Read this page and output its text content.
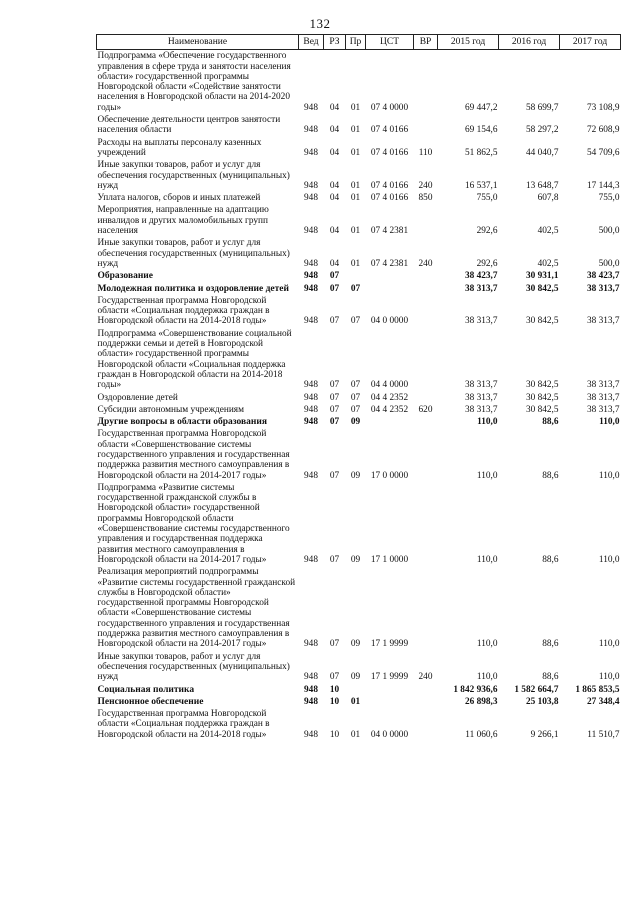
132
Наименование	Вед	РЗ	Пр	ЦСТ	ВР	2015 год	2016 год	2017 год
Подпрограмма «Обеспечение государственного управления в сфере труда и занятости населения области» государственной программы Новгородской области «Содействие занятости населения в Новгородской области на 2014-2020 годы»	948	04	01	07 4 0000		69 447,2	58 699,7	73 108,9
Обеспечение деятельности центров занятости населения области	948	04	01	07 4 0166		69 154,6	58 297,2	72 608,9
Расходы на выплаты персоналу казенных учреждений	948	04	01	07 4 0166	110	51 862,5	44 040,7	54 709,6
Иные закупки товаров, работ и услуг для обеспечения государственных (муниципальных) нужд	948	04	01	07 4 0166	240	16 537,1	13 648,7	17 144,3
Уплата налогов, сборов и иных платежей	948	04	01	07 4 0166	850	755,0	607,8	755,0
Мероприятия, направленные на адаптацию инвалидов и других маломобильных групп населения	948	04	01	07 4 2381		292,6	402,5	500,0
Иные закупки товаров, работ и услуг для обеспечения государственных (муниципальных) нужд	948	04	01	07 4 2381	240	292,6	402,5	500,0
Образование	948	07				38 423,7	30 931,1	38 423,7
Молодежная политика и оздоровление детей	948	07	07			38 313,7	30 842,5	38 313,7
Государственная программа Новгородской области «Социальная поддержка граждан в Новгородской области на 2014-2018 годы»	948	07	07	04 0 0000		38 313,7	30 842,5	38 313,7
Подпрограмма «Совершенствование социальной поддержки семьи и детей в Новгородской области» государственной программы Новгородской области «Социальная поддержка граждан в Новгородской области на 2014-2018 годы»	948	07	07	04 4 0000		38 313,7	30 842,5	38 313,7
Оздоровление детей	948	07	07	04 4 2352		38 313,7	30 842,5	38 313,7
Субсидии автономным учреждениям	948	07	07	04 4 2352	620	38 313,7	30 842,5	38 313,7
Другие вопросы в области образования	948	07	09			110,0	88,6	110,0
Государственная программа Новгородской области «Совершенствование системы государственного управления и государственная поддержка развития местного самоуправления в Новгородской области на 2014-2017 годы»	948	07	09	17 0 0000		110,0	88,6	110,0
Подпрограмма «Развитие системы государственной гражданской службы в Новгородской области» государственной программы Новгородской области «Совершенствование системы государственного управления и государственная поддержка развития местного самоуправления в Новгородской области на 2014-2017 годы»	948	07	09	17 1 0000		110,0	88,6	110,0
Реализация мероприятий подпрограммы «Развитие системы государственной гражданской службы в Новгородской области» государственной программы Новгородской области «Совершенствование системы государственного управления и государственная поддержка развития местного самоуправления в Новгородской области на 2014-2017 годы»	948	07	09	17 1 9999		110,0	88,6	110,0
Иные закупки товаров, работ и услуг для обеспечения государственных (муниципальных) нужд	948	07	09	17 1 9999	240	110,0	88,6	110,0
Социальная политика	948	10				1 842 936,6	1 582 664,7	1 865 853,5
Пенсионное обеспечение	948	10	01			26 898,3	25 103,8	27 348,4
Государственная программа Новгородской области «Социальная поддержка граждан в Новгородской области на 2014-2018 годы»	948	10	01	04 0 0000		11 060,6	9 266,1	11 510,7
